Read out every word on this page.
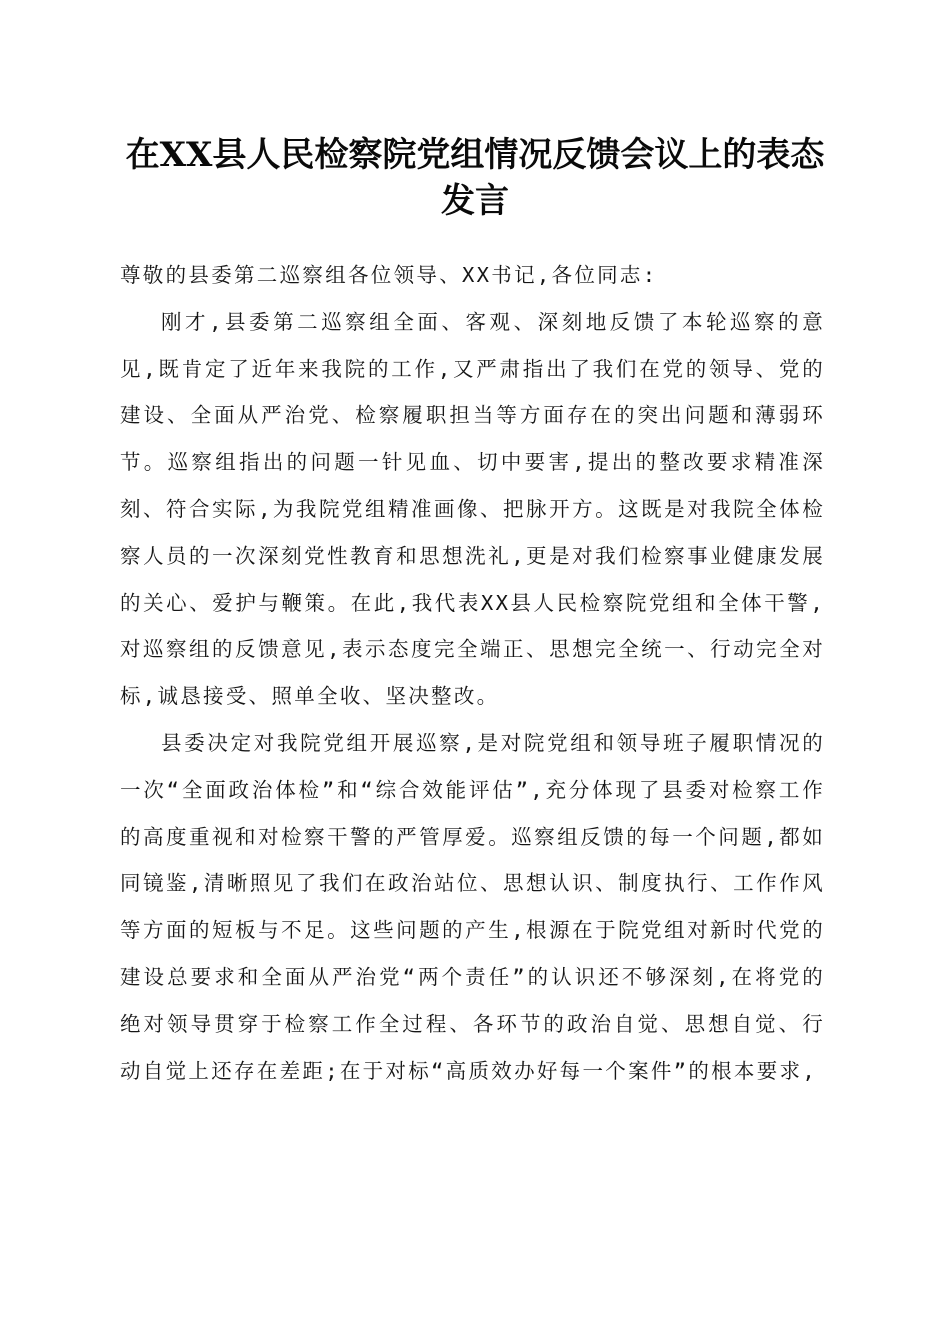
在XX县人民检察院党组情况反馈会议上的表态发言

尊敬的县委第二巡察组各位领导、XX书记,各位同志:

刚才,县委第二巡察组全面、客观、深刻地反馈了本轮巡察的意见,既肯定了近年来我院的工作,又严肃指出了我们在党的领导、党的建设、全面从严治党、检察履职担当等方面存在的突出问题和薄弱环节。巡察组指出的问题一针见血、切中要害,提出的整改要求精准深刻、符合实际,为我院党组精准画像、把脉开方。这既是对我院全体检察人员的一次深刻党性教育和思想洗礼,更是对我们检察事业健康发展的关心、爱护与鞭策。在此,我代表XX县人民检察院党组和全体干警,对巡察组的反馈意见,表示态度完全端正、思想完全统一、行动完全对标,诚恳接受、照单全收、坚决整改。

县委决定对我院党组开展巡察,是对院党组和领导班子履职情况的一次“全面政治体检”和“综合效能评估”,充分体现了县委对检察工作的高度重视和对检察干警的严管厚爱。巡察组反馈的每一个问题,都如同镜鉴,清晰照见了我们在政治站位、思想认识、制度执行、工作作风等方面的短板与不足。这些问题的产生,根源在于院党组对新时代党的建设总要求和全面从严治党“两个责任”的认识还不够深刻,在将党的绝对领导贯穿于检察工作全过程、各环节的政治自觉、思想自觉、行动自觉上还存在差距;在于对标“高质效办好每一个案件”的根本要求,
